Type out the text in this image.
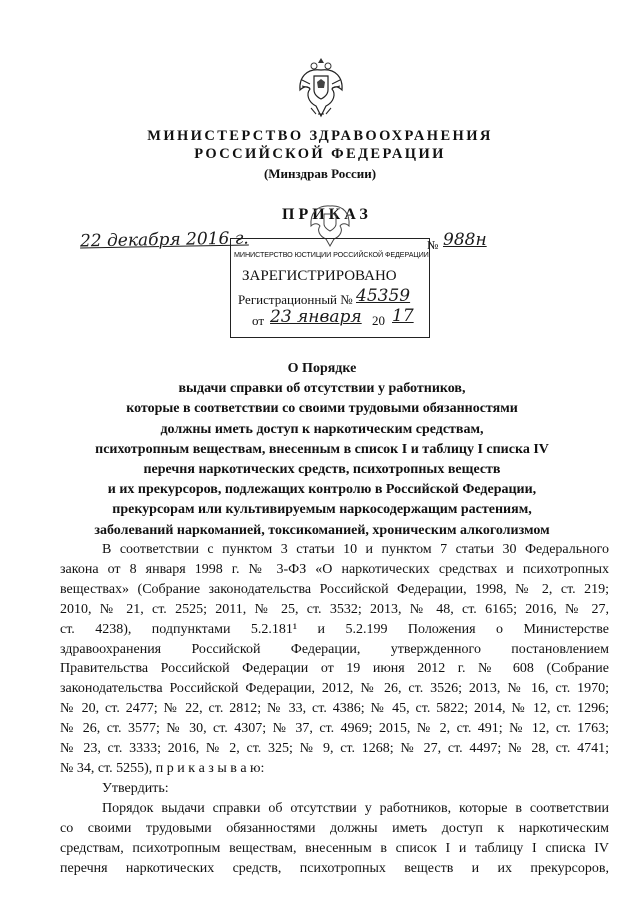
МИНИСТЕРСТВО ЗДРАВООХРАНЕНИЯ
РОССИЙСКОЙ ФЕДЕРАЦИИ
(Минздрав России)
ПРИКАЗ
МИНИСТЕРСТВО ЮСТИЦИИ РОССИЙСКОЙ ФЕДЕРАЦИИ
ЗАРЕГИСТРИРОВАНО
Регистрационный № 45359
от 23 января 20 17
22 декабря 2016 г.	№ 988н
О Порядке
выдачи справки об отсутствии у работников,
которые в соответствии со своими трудовыми обязанностями
должны иметь доступ к наркотическим средствам,
психотропным веществам, внесенным в список I и таблицу I списка IV
перечня наркотических средств, психотропных веществ
и их прекурсоров, подлежащих контролю в Российской Федерации,
прекурсорам или культивируемым наркосодержащим растениям,
заболеваний наркоманией, токсикоманией, хроническим алкоголизмом
В соответствии с пунктом 3 статьи 10 и пунктом 7 статьи 30 Федерального
закона от 8 января 1998 г. № 3-ФЗ «О наркотических средствах и психотропных
веществах» (Собрание законодательства Российской Федерации, 1998, № 2, ст. 219;
2010, № 21, ст. 2525; 2011, № 25, ст. 3532; 2013, № 48, ст. 6165; 2016, № 27,
ст. 4238), подпунктами 5.2.181¹ и 5.2.199 Положения о Министерстве
здравоохранения Российской Федерации, утвержденного постановлением
Правительства Российской Федерации от 19 июня 2012 г. № 608 (Собрание
законодательства Российской Федерации, 2012, № 26, ст. 3526; 2013, № 16, ст. 1970;
№ 20, ст. 2477; № 22, ст. 2812; № 33, ст. 4386; № 45, ст. 5822; 2014, № 12, ст. 1296;
№ 26, ст. 3577; № 30, ст. 4307; № 37, ст. 4969; 2015, № 2, ст. 491; № 12, ст. 1763;
№ 23, ст. 3333; 2016, № 2, ст. 325; № 9, ст. 1268; № 27, ст. 4497; № 28, ст. 4741;
№ 34, ст. 5255), п р и к а з ы в а ю:
Утвердить:
Порядок выдачи справки об отсутствии у работников, которые в соответствии
со своими трудовыми обязанностями должны иметь доступ к наркотическим
средствам, психотропным веществам, внесенным в список I и таблицу I списка IV
перечня наркотических средств, психотропных веществ и их прекурсоров,
